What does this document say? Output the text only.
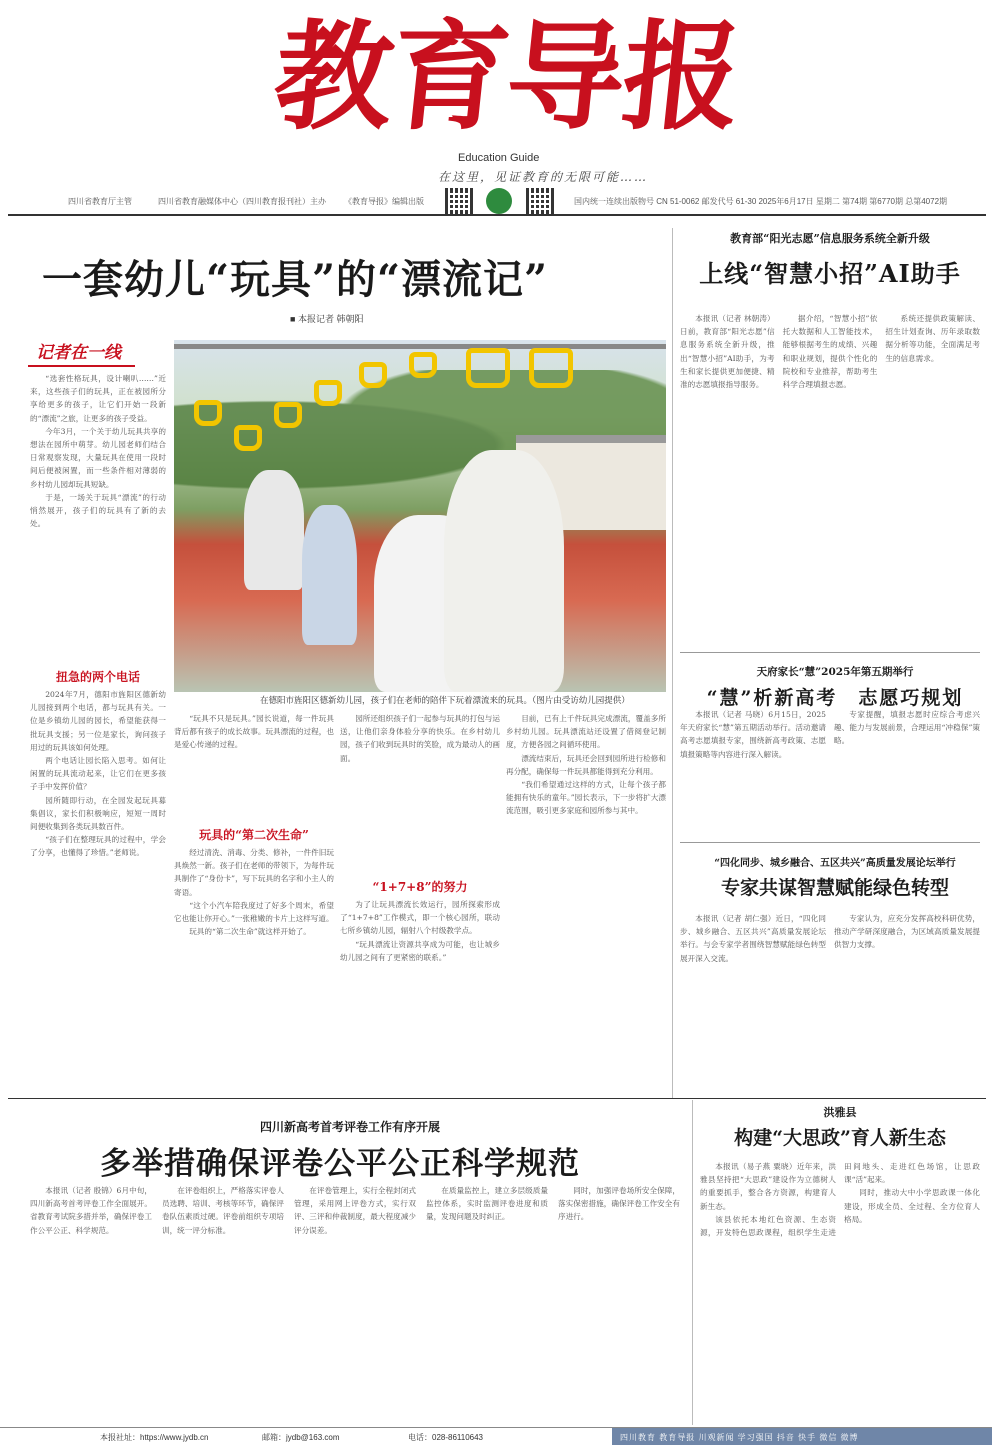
教育导报
Education Guide
在这里，见证教育的无限可能……
四川省教育厅主管	四川省教育融媒体中心（四川教育报刊社）主办 《教育导报》编辑出版	国内统一连续出版物号 CN 51-0062 邮发代号 61-30 2025年6月17日 星期二 第74期 第6770期 总第4072期
一套幼儿“玩具”的“漂流记”
■ 本报记者 韩朝阳
记者在一线
教育部“阳光志愿”信息服务系统全新升级
上线“智慧小招”AI助手
在德阳市旌阳区德新幼儿园，孩子们在老师的陪伴下玩着漂流来的玩具。（图片由受访幼儿园提供）

“选套性格玩具，设计喇叭……”近来，这些孩子们的玩具，正在被园所分享给更多的孩子，让它们开始一段新的“漂流”之旅，让更多的孩子受益。

今年3月，一个关于幼儿玩具共享的想法在园所中萌芽。幼儿园老师们结合日常观察发现，大量玩具在使用一段时间后便被闲置，而一些条件相对薄弱的乡村幼儿园却玩具短缺。

于是，一场关于玩具“漂流”的行动悄然展开，孩子们的玩具有了新的去处。

扭急的两个电话

2024年7月，德阳市旌阳区德新幼儿园接到两个电话，都与玩具有关。一位是乡镇幼儿园的园长，希望能获得一批玩具支援；另一位是家长，询问孩子用过的玩具该如何处理。

两个电话让园长陷入思考。如何让闲置的玩具流动起来，让它们在更多孩子手中发挥价值？

园所随即行动，在全园发起玩具募集倡议，家长们积极响应，短短一周时间便收集到各类玩具数百件。

“孩子们在整理玩具的过程中，学会了分享，也懂得了珍惜。”老师说。

“玩具不只是玩具。”园长说道，每一件玩具背后都有孩子的成长故事。玩具漂流的过程，也是爱心传递的过程。

玩具的“第二次生命”

经过清洗、消毒、分类、修补，一件件旧玩具焕然一新。孩子们在老师的带领下，为每件玩具制作了“身份卡”，写下玩具的名字和小主人的寄语。

“这个小汽车陪我度过了好多个周末，希望它也能让你开心。”一张稚嫩的卡片上这样写道。

玩具的“第二次生命”就这样开始了。

园所还组织孩子们一起参与玩具的打包与运送，让他们亲身体验分享的快乐。在乡村幼儿园，孩子们收到玩具时的笑脸，成为最动人的画面。

“1+7+8”的努力

为了让玩具漂流长效运行，园所探索形成了“1+7+8”工作模式，即一个核心园所，联动七所乡镇幼儿园，辐射八个村级教学点。

“玩具漂流让资源共享成为可能，也让城乡幼儿园之间有了更紧密的联系。”

目前，已有上千件玩具完成漂流，覆盖多所乡村幼儿园。玩具漂流站还设置了借阅登记制度，方便各园之间循环使用。

漂流结束后，玩具还会回到园所进行检修和再分配，确保每一件玩具都能得到充分利用。

“我们希望通过这样的方式，让每个孩子都能拥有快乐的童年。”园长表示，下一步将扩大漂流范围，吸引更多家庭和园所参与其中。

本报讯（记者 林朝涛）日前，教育部“阳光志愿”信息服务系统全新升级，推出“智慧小招”AI助手，为考生和家长提供更加便捷、精准的志愿填报指导服务。

据介绍，“智慧小招”依托大数据和人工智能技术，能够根据考生的成绩、兴趣和职业规划，提供个性化的院校和专业推荐，帮助考生科学合理填报志愿。

系统还提供政策解读、招生计划查询、历年录取数据分析等功能，全面满足考生的信息需求。

天府家长“慧”2025年第五期举行
“慧”析新高考　志愿巧规划

本报讯（记者 马晓）6月15日，2025年天府家长“慧”第五期活动举行。活动邀请高考志愿填报专家，围绕新高考政策、志愿填报策略等内容进行深入解读。

专家提醒，填报志愿时应综合考虑兴趣、能力与发展前景，合理运用“冲稳保”策略。

“四化同步、城乡融合、五区共兴”高质量发展论坛举行
专家共谋智慧赋能绿色转型

本报讯（记者 胡仁强）近日，“四化同步、城乡融合、五区共兴”高质量发展论坛举行。与会专家学者围绕智慧赋能绿色转型展开深入交流。

专家认为，应充分发挥高校科研优势，推动产学研深度融合，为区域高质量发展提供智力支撑。

四川新高考首考评卷工作有序开展
多举措确保评卷公平公正科学规范

本报讯（记者 殷锦）6月中旬，四川新高考首考评卷工作全面展开。省教育考试院多措并举，确保评卷工作公平公正、科学规范。

在评卷组织上，严格落实评卷人员选聘、培训、考核等环节，确保评卷队伍素质过硬。评卷前组织专项培训，统一评分标准。

在评卷管理上，实行全程封闭式管理，采用网上评卷方式，实行双评、三评和仲裁制度，最大程度减少评分误差。

在质量监控上，建立多层级质量监控体系，实时监测评卷进度和质量，发现问题及时纠正。

同时，加强评卷场所安全保障，落实保密措施，确保评卷工作安全有序进行。

洪雅县
构建“大思政”育人新生态

本报讯（易子燕 粟晓）近年来，洪雅县坚持把“大思政”建设作为立德树人的重要抓手，整合各方资源，构建育人新生态。

该县依托本地红色资源、生态资源，开发特色思政课程，组织学生走进田间地头、走进红色场馆，让思政课“活”起来。

同时，推动大中小学思政课一体化建设，形成全员、全过程、全方位育人格局。

本报社址：https://www.jydb.cn	邮箱：jydb@163.com	电话：028-86110643	四川教育 教育导报 川观新闻 学习强国 抖音 快手 微信 微博
